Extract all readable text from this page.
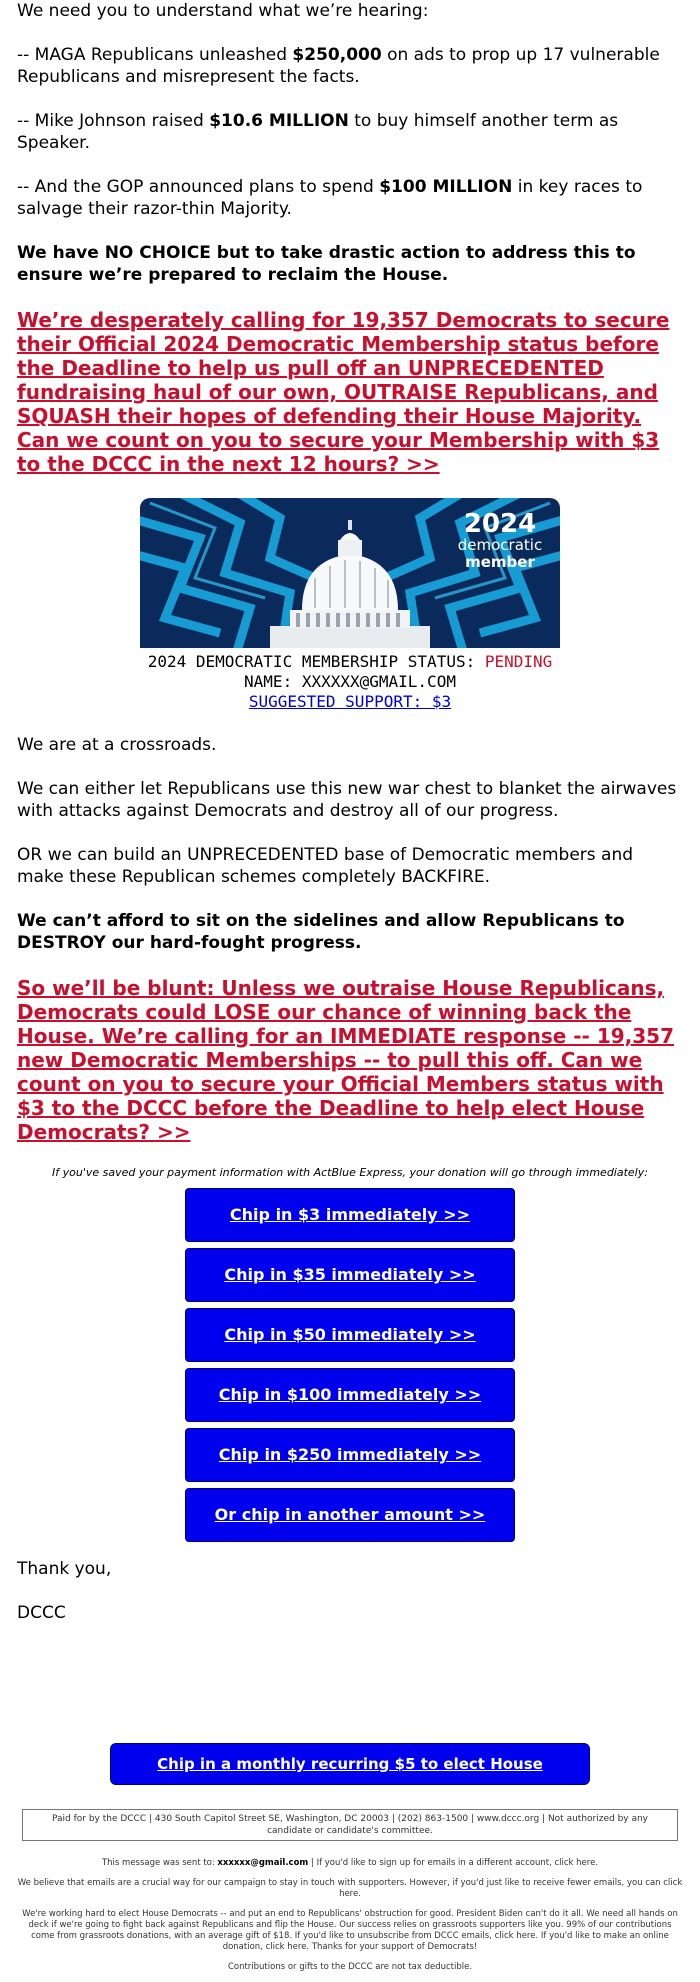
We need you to understand what we’re hearing:

-- MAGA Republicans unleashed $250,000 on ads to prop up 17 vulnerable Republicans and misrepresent the facts.

-- Mike Johnson raised $10.6 MILLION to buy himself another term as Speaker.

-- And the GOP announced plans to spend $100 MILLION in key races to salvage their razor-thin Majority.

We have NO CHOICE but to take drastic action to address this to ensure we’re prepared to reclaim the House.

We’re desperately calling for 19,357 Democrats to secure their Official 2024 Democratic Membership status before the Deadline to help us pull off an UNPRECEDENTED fundraising haul of our own, OUTRAISE Republicans, and SQUASH their hopes of defending their House Majority. Can we count on you to secure your Membership with $3 to the DCCC in the next 12 hours? >>
2024
democratic
member
2024 DEMOCRATIC MEMBERSHIP STATUS: PENDING
NAME: XXXXXX@GMAIL.COM
SUGGESTED SUPPORT: $3

We are at a crossroads.

We can either let Republicans use this new war chest to blanket the airwaves with attacks against Democrats and destroy all of our progress.

OR we can build an UNPRECEDENTED base of Democratic members and make these Republican schemes completely BACKFIRE.

We can’t afford to sit on the sidelines and allow Republicans to DESTROY our hard-fought progress.

So we’ll be blunt: Unless we outraise House Republicans, Democrats could LOSE our chance of winning back the House. We’re calling for an IMMEDIATE response -- 19,357 new Democratic Memberships -- to pull this off. Can we count on you to secure your Official Members status with $3 to the DCCC before the Deadline to help elect House Democrats? >>
If you've saved your payment information with ActBlue Express, your donation will go through immediately:
Chip in $3 immediately >>
Chip in $35 immediately >>
Chip in $50 immediately >>
Chip in $100 immediately >>
Chip in $250 immediately >>
Or chip in another amount >>

Thank you,

DCCC

Chip in a monthly recurring $5 to elect House Democrats >>
Paid for by the DCCC | 430 South Capitol Street SE, Washington, DC 20003 | (202) 863-1500 | www.dccc.org | Not authorized by any candidate or candidate's committee.

This message was sent to: xxxxxx@gmail.com | If you'd like to sign up for emails in a different account, click here.

We believe that emails are a crucial way for our campaign to stay in touch with supporters. However, if you'd just like to receive fewer emails, you can click here.

We're working hard to elect House Democrats -- and put an end to Republicans' obstruction for good. President Biden can't do it all. We need all hands on deck if we're going to fight back against Republicans and flip the House. Our success relies on grassroots supporters like you. 99% of our contributions come from grassroots donations, with an average gift of $18. If you'd like to unsubscribe from DCCC emails, click here. If you'd like to make an online donation, click here. Thanks for your support of Democrats!

Contributions or gifts to the DCCC are not tax deductible.
